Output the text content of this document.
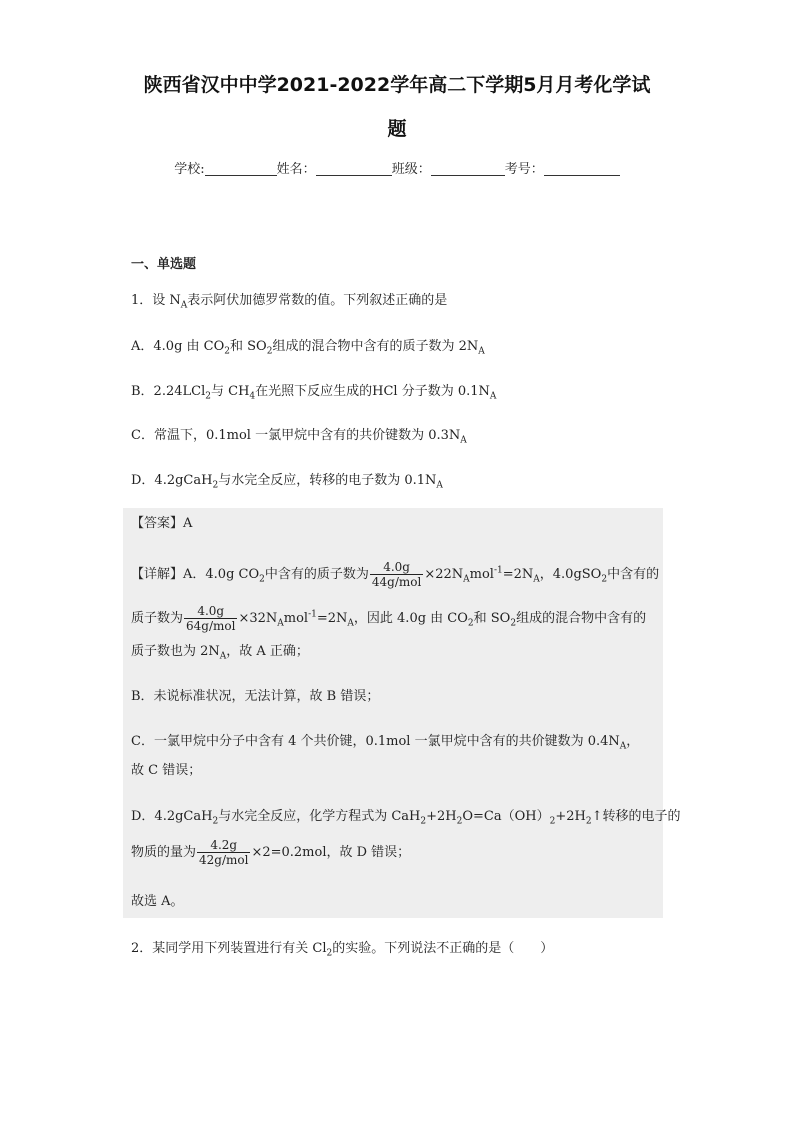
陕西省汉中中学2021-2022学年高二下学期5月月考化学试
题
学校:	姓名：	班级：	考号：
一、单选题
1．设 $N_A$表示阿伏加德罗常数的值。下列叙述正确的是
A．4.0g 由 $CO_2$和 $SO_2$组成的混合物中含有的质子数为 $2N_A$
B．2.24LCl$_2$与 $CH_4$在光照下反应生成的HCl 分子数为 $0.1N_A$
C．常温下，0.1mol 一氯甲烷中含有的共价键数为 $0.3N_A$
D．4.2gCaH$_2$与水完全反应，转移的电子数为 $0.1N_A$
【答案】A
【详解】A．4.0g $CO_2$中含有的质子数为 $\frac{4.0g}{\text{44g/mol}} \times 22N_Amol^{-1}=2N_A$，4.0gSO$_2$中含有的
质子数为 $\frac{4.0g}{\text{64g/mol}} \times 32N_Amol^{-1}=2N_A$，因此 4.0g 由 $CO_2$和 $SO_2$组成的混合物中含有的
质子数也为 $2N_A$，故 A 正确；
B．未说标准状况，无法计算，故 B 错误；
C．一氯甲烷中分子中含有 4 个共价键，0.1mol 一氯甲烷中含有的共价键数为 $0.4N_A$，
故 C 错误；
D．4.2gCaH$_2$与水完全反应，化学方程式为 $CaH_2+2H_2O=Ca(OH)_2+2H_2↑$转移的电子的
物质的量为 $\frac{4.2g}{\text{42g/mol}} \times 2=0.2mol$，故 D 错误；
故选 A。
2．某同学用下列装置进行有关 $Cl_2$的实验。下列说法不正确的是（　　）
